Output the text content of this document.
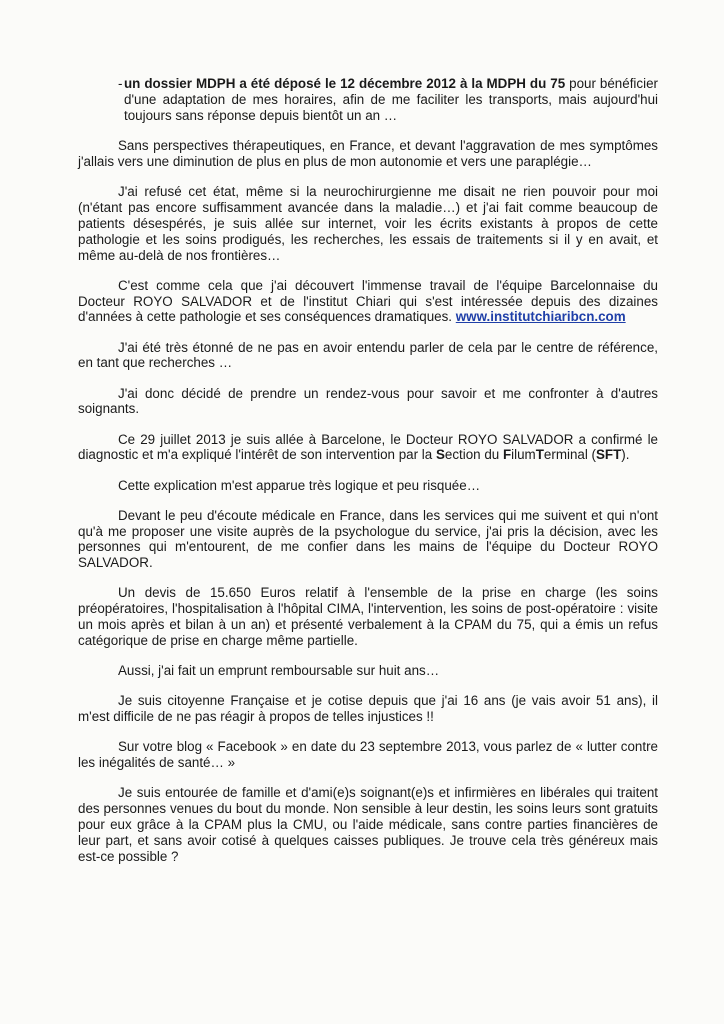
- un dossier MDPH a été déposé le 12 décembre 2012 à la MDPH du 75 pour bénéficier d'une adaptation de mes horaires, afin de me faciliter les transports, mais aujourd'hui toujours sans réponse depuis bientôt un an …

Sans perspectives thérapeutiques, en France, et devant l'aggravation de mes symptômes j'allais vers une diminution de plus en plus de mon autonomie et vers une paraplégie…

J'ai refusé cet état, même si la neurochirurgienne me disait ne rien pouvoir pour moi (n'étant pas encore suffisamment avancée dans la maladie…) et j'ai fait comme beaucoup de patients désespérés, je suis allée sur internet, voir les écrits existants à propos de cette pathologie et les soins prodigués, les recherches, les essais de traitements si il y en avait, et même au-delà de nos frontières…

C'est comme cela que j'ai découvert l'immense travail de l'équipe Barcelonnaise du Docteur ROYO SALVADOR et de l'institut Chiari qui s'est intéressée depuis des dizaines d'années à cette pathologie et ses conséquences dramatiques. www.institutchiaribcn.com

J'ai été très étonné de ne pas en avoir entendu parler de cela par le centre de référence, en tant que recherches …

J'ai donc décidé de prendre un rendez-vous pour savoir et me confronter à d'autres soignants.

Ce 29 juillet 2013 je suis allée à Barcelone, le Docteur ROYO SALVADOR a confirmé le diagnostic et m'a expliqué l'intérêt de son intervention par la Section du FilumTerminal (SFT).

Cette explication m'est apparue très logique et peu risquée…

Devant le peu d'écoute médicale en France, dans les services qui me suivent et qui n'ont qu'à me proposer une visite auprès de la psychologue du service, j'ai pris la décision, avec les personnes qui m'entourent, de me confier dans les mains de l'équipe du Docteur ROYO SALVADOR.

Un devis de 15.650 Euros relatif à l'ensemble de la prise en charge (les soins préopératoires, l'hospitalisation à l'hôpital CIMA, l'intervention, les soins de post-opératoire : visite un mois après et bilan à un an) et présenté verbalement à la CPAM du 75, qui a émis un refus catégorique de prise en charge même partielle.

Aussi, j'ai fait un emprunt remboursable sur huit ans…

Je suis citoyenne Française et je cotise depuis que j'ai 16 ans (je vais avoir 51 ans), il m'est difficile de ne pas réagir à propos de telles injustices !!

Sur votre blog « Facebook » en date du 23 septembre 2013, vous parlez de « lutter contre les inégalités de santé… »

Je suis entourée de famille et d'ami(e)s soignant(e)s et infirmières en libérales qui traitent des personnes venues du bout du monde. Non sensible à leur destin, les soins leurs sont gratuits pour eux grâce à la CPAM plus la CMU, ou l'aide médicale, sans contre parties financières de leur part, et sans avoir cotisé à quelques caisses publiques. Je trouve cela très généreux mais est-ce possible ?
